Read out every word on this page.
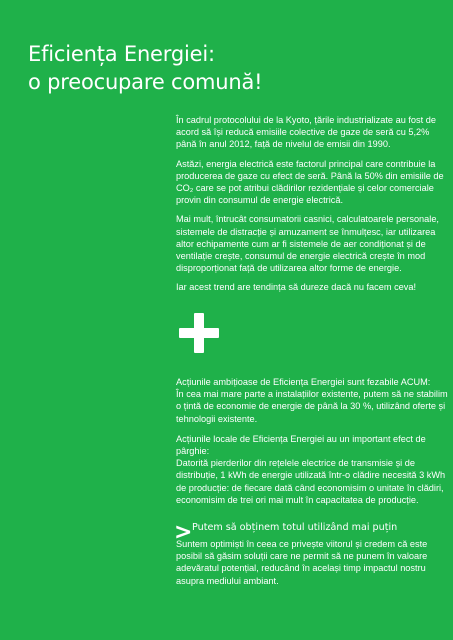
Eficiența Energiei:
o preocupare comună!

În cadrul protocolului de la Kyoto, țările industrializate au fost de acord să își reducă emisiile colective de gaze de seră cu 5,2% până în anul 2012, față de nivelul de emisii din 1990.

Astăzi, energia electrică este factorul principal care contribuie la producerea de gaze cu efect de seră. Până la 50% din emisiile de CO₂ care se pot atribui clădirilor rezidențiale și celor comerciale provin din consumul de energie electrică.

Mai mult, întrucât consumatorii casnici, calculatoarele personale, sistemele de distracție și amuzament se înmulțesc, iar utilizarea altor echipamente cum ar fi sistemele de aer condiționat și de ventilație crește, consumul de energie electrică crește în mod disproporționat față de utilizarea altor forme de energie.

Iar acest trend are tendința să dureze dacă nu facem ceva!

Acțiunile ambițioase de Eficiența Energiei sunt fezabile ACUM:
În cea mai mare parte a instalațiilor existente, putem să ne stabilim o țintă de economie de energie de până la 30 %, utilizând oferte și tehnologii existente.

Acțiunile locale de Eficiența Energiei au un important efect de pârghie:
Datorită pierderilor din rețelele electrice de transmisie și de distribuție, 1 kWh de energie utilizată într-o clădire necesită 3 kWh de producție: de fiecare dată când economisim o unitate în clădiri, economisim de trei ori mai mult în capacitatea de producție.

> Putem să obținem totul utilizând mai puțin

Suntem optimiști în ceea ce privește viitorul și credem că este posibil să găsim soluții care ne permit să ne punem în valoare adevăratul potențial, reducând în același timp impactul nostru asupra mediului ambiant.
